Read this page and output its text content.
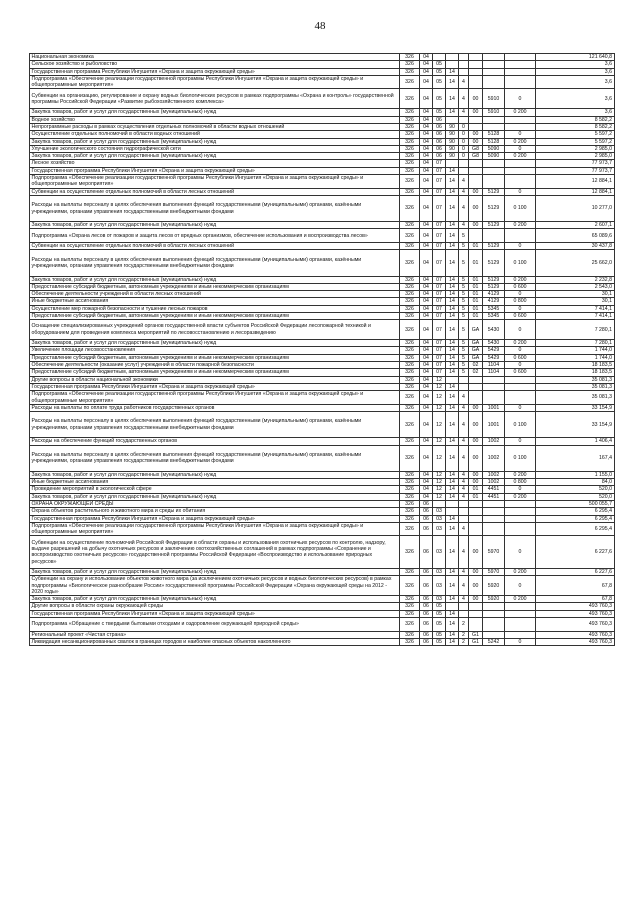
48
Национальная экономика	326	04							121 640,8
Сельское хозяйство и рыболовство	326	04	05						3,6
Государственная программа Республики Ингушетия «Охрана и защита окружающей среды»	326	04	05	14					3,6
Подпрограмма «Обеспечение реализации государственной программы Республики Ингушетия «Охрана и защита окружающей среды» и общепрограммные мероприятия»	326	04	05	14	4				3,6
Субвенции на организацию, регулирование и охрану водных биологических ресурсов в рамках подпрограммы «Охрана и контроль» государственной программы Российской Федерации «Развитие рыбохозяйственного комплекса»	326	04	05	14	4	00	5910	0	3,6
Закупка товаров, работ и услуг для государственных (муниципальных) нужд	326	04	05	14	4	00	5910	0 200	3,6
Водное хозяйство	326	04	06						8 582,2
Непрограммные расходы в рамках осуществления отдельных полномочий в области водных отношений	326	04	06	90	0				8 582,2
Осуществление отдельных полномочий в области водных отношений	326	04	06	90	0	00	5128	0	5 597,2
Закупка товаров, работ и услуг для государственных (муниципальных) нужд	326	04	06	90	0	00	5128	0 200	5 597,2
Улучшение экологического состояния гидрографической сети	326	04	06	90	0	G8	5090	0	2 985,0
Закупка товаров, работ и услуг для государственных (муниципальных) нужд	326	04	06	90	0	G8	5090	0 200	2 985,0
Лесное хозяйство	326	04	07						77 973,7
Государственная программа Республики Ингушетия «Охрана и защита окружающей среды»	326	04	07	14					77 973,7
Подпрограмма «Обеспечение реализации государственной программы Республики Ингушетия «Охрана и защита окружающей среды» и общепрограммные мероприятия»	326	04	07	14	4				12 884,1
Субвенции на осуществление отдельных полномочий в области лесных отношений	326	04	07	14	4	00	5129	0	12 884,1
Расходы на выплаты персоналу в целях обеспечения выполнения функций государственными (муниципальными) органами, казёнными учреждениями, органами управления государственными внебюджетными фондами	326	04	07	14	4	00	5129	0 100	10 277,0
Закупка товаров, работ и услуг для государственных (муниципальных) нужд	326	04	07	14	4	00	5129	0 200	2 607,1
Подпрограмма «Охрана лесов от пожаров и защита лесов от вредных организмов, обеспечение использования и воспроизводства лесов»	326	04	07	14	5				65 089,6
Субвенции на осуществление отдельных полномочий в области лесных отношений	326	04	07	14	5	01	5129	0	30 437,8
Расходы на выплаты персоналу в целях обеспечения выполнения функций государственными (муниципальными) органами, казёнными учреждениями, органами управления государственными внебюджетными фондами	326	04	07	14	5	01	5129	0 100	25 662,0
Закупка товаров, работ и услуг для государственных (муниципальных) нужд	326	04	07	14	5	01	5129	0 200	2 232,8
Предоставление субсидий бюджетным, автономным учреждениям и иным некоммерческим организациям	326	04	07	14	5	01	5129	0 600	2 543,0
Обеспечение деятельности учреждений в области лесных отношений	326	04	07	14	5	01	4129	0	30,1
Иные бюджетные ассигнования	326	04	07	14	5	01	4129	0 800	30,1
Осуществление мер пожарной безопасности и тушение лесных пожаров	326	04	07	14	5	01	5345	0	7 414,1
Предоставление субсидий бюджетным, автономным учреждениям и иным некоммерческим организациям	326	04	07	14	5	01	5345	0 600	7 414,1
Оснащение специализированных учреждений органов государственной власти субъектов Российской Федерации лесопожарной техникой и оборудованием для проведения комплекса мероприятий по лесовосстановлению и лесоразведению	326	04	07	14	5	GA	5430	0	7 280,1
Закупка товаров, работ и услуг для государственных (муниципальных) нужд	326	04	07	14	5	GA	5430	0 200	7 280,1
Увеличение площади лесовосстановления	326	04	07	14	5	GA	5429	0	1 744,0
Предоставление субсидий бюджетным, автономным учреждениям и иным некоммерческим организациям	326	04	07	14	5	GA	5429	0 600	1 744,0
Обеспечение деятельности (оказание услуг) учреждений в области пожарной безопасности	326	04	07	14	5	02	1104	0	18 183,5
Предоставление субсидий бюджетным, автономным учреждениям и иным некоммерческим организациям	326	04	07	14	5	02	1104	0 600	18 183,5
Другие вопросы в области национальной экономики	326	04	12						35 081,3
Государственная программа Республики Ингушетия «Охрана и защита окружающей среды»	326	04	12	14					35 081,3
Подпрограмма «Обеспечение реализации государственной программы Республики Ингушетия «Охрана и защита окружающей среды» и общепрограммные мероприятия»	326	04	12	14	4				35 081,3
Расходы на выплаты по оплате труда работников государственных органов	326	04	12	14	4	00	1001	0	33 154,9
Расходы на выплаты персоналу в целях обеспечения выполнения функций государственными (муниципальными) органами, казёнными учреждениями, органами управления государственными внебюджетными фондами	326	04	12	14	4	00	1001	0 100	33 154,9
Расходы на обеспечение функций государственных органов	326	04	12	14	4	00	1002	0	1 406,4
Расходы на выплаты персоналу в целях обеспечения выполнения функций государственными (муниципальными) органами, казёнными учреждениями, органами управления государственными внебюджетными фондами	326	04	12	14	4	00	1002	0 100	167,4
Закупка товаров, работ и услуг для государственных (муниципальных) нужд	326	04	12	14	4	00	1002	0 200	1 155,0
Иные бюджетные ассигнования	326	04	12	14	4	00	1002	0 800	84,0
Проведение мероприятий в экологической сфере	326	04	12	14	4	01	4451	0	520,0
Закупка товаров, работ и услуг для государственных (муниципальных) нужд	326	04	12	14	4	01	4451	0 200	520,0
ОХРАНА ОКРУЖАЮЩЕЙ СРЕДЫ	326	06							500 055,7
Охрана объектов растительного и животного мира и среды их обитания	326	06	03						6 295,4
Государственная программа Республики Ингушетия «Охрана и защита окружающей среды»	326	06	03	14					6 295,4
Подпрограмма «Обеспечение реализации государственной программы Республики Ингушетия «Охрана и защита окружающей среды» и общепрограммные мероприятия»	326	06	03	14	4				6 295,4
Субвенции на осуществление полномочий Российской Федерации в области охраны и использования охотничьих ресурсов по контролю, надзору, выдаче разрешений на добычу охотничьих ресурсов и заключению охотхозяйственных соглашений в рамках подпрограммы «Сохранение и воспроизводство охотничьих ресурсов» государственной программы Российской Федерации «Воспроизводство и использование природных ресурсов»	326	06	03	14	4	00	5970	0	6 227,6
Закупка товаров, работ и услуг для государственных (муниципальных) нужд	326	06	03	14	4	00	5970	0 200	6 227,6
Субвенции на охрану и использование объектов животного мира (за исключением охотничьих ресурсов и водных биологических ресурсов) в рамках подпрограммы «Биологическое разнообразие России» государственной программы Российской Федерации «Охрана окружающей среды на 2012 - 2020 годы»	326	06	03	14	4	00	5920	0	67,8
Закупка товаров, работ и услуг для государственных (муниципальных) нужд	326	06	03	14	4	00	5920	0 200	67,8
Другие вопросы в области охраны окружающей среды	326	06	05						493 760,3
Государственная программа Республики Ингушетия «Охрана и защита окружающей среды»	326	06	05	14					493 760,3
Подпрограмма «Обращение с твердыми бытовыми отходами и оздоровление окружающей природной среды»	326	06	05	14	2				493 760,3
Региональный проект «Чистая страна»	326	06	05	14	2	G1			493 760,3
Ликвидация несанкционированных свалок в границах городов и наиболее опасных объектов накопленного	326	06	05	14	2	G1	5242	0	493 760,3
